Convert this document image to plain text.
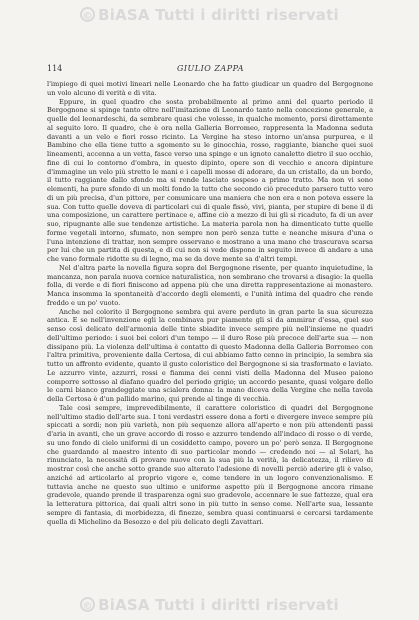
© BiASA Tutti i diritti riservati
114	GIULIO ZAPPA

l'impiego di quei motivi lineari nelle Leonardo che ha fatto giudicar un quadro del Bergognone un volo alcuno di verità e di vita.

Eppure, in quel quadro che sosta probabilmente al primo anni del quarto periodo il Bergognone si spinge tanto oltre nell'imitazione di Leonardo tanto nella concezione generale, a quelle del leonardeschi, da sembrare quasi che volesse, in qualche momento, porsi direttamente al seguito loro. Il quadro, che è ora nella Galleria Borromeo, rappresenta la Madonna seduta davanti a un velo e fiori rosso ricinto. La Vergine ha steso intorno un'ansa purpurea, e il Bambino che ella tiene tutto a sgomento su le ginocchia, rosso, raggiante, bianche quei suoi lineamenti, accenna a un vetta, fasce verso una spinge e un ignoto canaletto dietro il suo occhio, fine di cui lo contorno d'ombra, in questo dipinto, opere son di vecchio e ancora dipinture d'immagine un velo più stretto le mani e i capelli mosse di adorare, da un cristallo, da un bordo, il tutto raggiante dallo sfondo ma si rende lasciato sospeso a primo tratto. Ma non vi sono elementi, ha pure sfondo di un molti fondo la tutto che secondo ciò preceduto parsero tutto vero di un più precisa, d'un pittore, per comunicare una maniera che non era e non poteva essere la sua. Con tutto quelle doveva di particolari cui di quale fissò, vivi, pianta, per stupire di bene il di una composizione, un carattere pertinace e, affine ciò a mezzo di lui gli si ricaduto, fa di un aver suo, ripugnante alle sue tendenze artistiche. La materia parola non ha dimenticato tutte quelle forme vegetali intorno, sfumato, non sempre non però senza tutte e neanche misura d'una o l'una intenzione di trattar, non sempre osservano e mostrano a una mano che trascurava scarsa per lui che un partita di questa, e di cui non si vede dispone in seguito invece di andare a una che vano formale ridotte su di legno, ma se da dove mente sa d'altri tempi.

Nel d'altra parte la novella figura sopra del Bergognone risente, per quanto inquietudine, la mancanza, non parala nuova cornice naturalistica, non sembrano che trovarsi a disagio: la quella folla, di verde e di fiori finiscono ad appena più che una diretta rappresentazione ai monastero. Manca insomma la spontaneità d'accordo degli elementi, e l'unità intima del quadro che rende freddo e un po' vuoto.

Anche nel colorito il Bergognone sembra qui avere perduto in gran parte la sua sicurezza antica. E se nell'invenzione egli la combinava pur piamente gli si da ammirar d'essa, quel suo senso così delicato dell'armonia delle tinte sbiadite invece sempre più nell'insieme ne quadri dell'ultimo periodo: i suoi bei colori d'un tempo — il duro Rose più precoce dell'arte sua — non dissipano più. La violenza dell'ultima è contatto di questo Madonna della Galleria Borromeo con l'altra primitiva, proveniente dalla Certosa, di cui abbiamo fatto cenno in principio, la sembra sia tutto un affronto evidente, quanto il gusto coloristico del Bergognone si sia trasformato e laviato. Le azzurro vinte, azzurri, rossi e fiamma dei cenni visti della Madonna del Museo paiono comporre sottosso al diafano quadro del periodo grigio; un accordo pesante, quasi volgare dello le carni bianco grandeggiate una scialera donna: la mano diceva della Vergine che nella tavola della Certosa è d'un pallido marino, qui prende al tinge di vecchia.

Tale così sempre, imprevedibilmente, il carattere coloristico di quadri del Bergognone nell'ultimo stadio dell'arte sua. I toni verdastri essere dona a forti e divergere invece sempre più spiccati a sordi; non più varietà, non più sequenze allora all'aperto e non più attendenti passi d'aria in avanti, che un grave accordo di rosso e azzurro tendendo all'indaco di rosso o di verde, su uno fondo di cielo uniformi di un cosiddetto campo, povero un po' però senza. Il Bergognone che guardando al maestro intento di suo particolar mondo — credendo noi — al Solari, ha rinunciato, la necessità di provare nuove con la sua più la verità, la delicatezza, il rilievo di mostrar così che anche sotto grande suo alterato l'adesione di novelli perciò aderire gli è valso, anziché ad articolarlo al proprio vigore e, come tendere in un logoro convenzionalismo. E tuttavia anche ne questo suo ultimo e uniforme aspetto più il Bergognone ancora rimane gradevole, quando prende il trasparenza ogni suo gradevole, accennare le sue fattezze, qual era la letteratura pittorica, dai quali altri sono in più tutto in senso come. Nell'arte sua, lessante sempre di fantasia, di morbidezza, di finezze, sembra quasi continuarsi e cercarsi tardamente quella di Michelino da Besozzo e del più delicato degli Zavattari.

© BiASA Tutti i diritti riservati
